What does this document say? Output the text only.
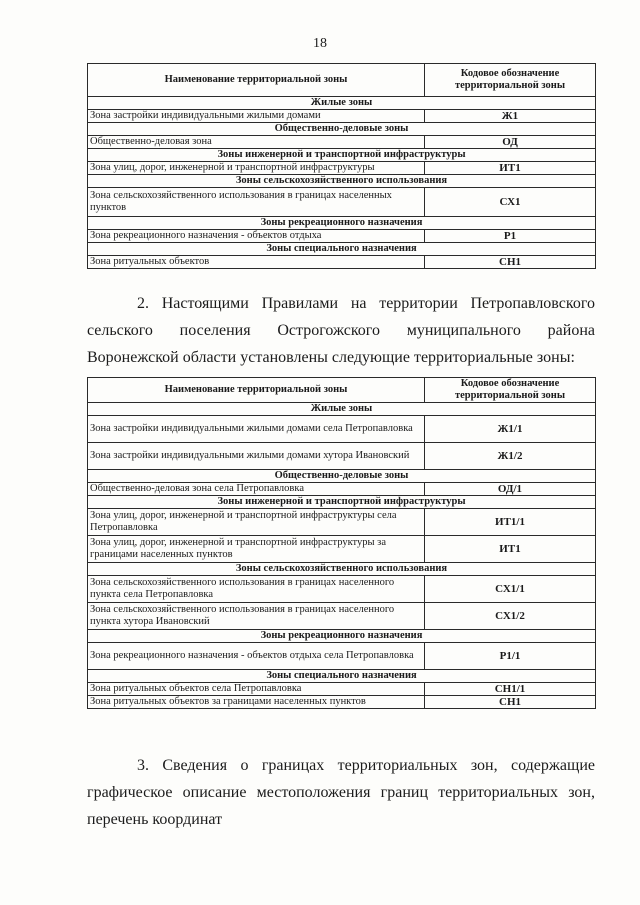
18
Наименование территориальной зоны	Кодовое обозначение территориальной зоны
Жилые зоны	
Зона застройки индивидуальными жилыми домами	Ж1
Общественно-деловые зоны	
Общественно-деловая зона	ОД
Зоны инженерной и транспортной инфраструктуры	
Зона улиц, дорог, инженерной и транспортной инфраструктуры	ИТ1
Зоны сельскохозяйственного использования	
Зона сельскохозяйственного использования в границах населенных пунктов	СХ1
Зоны рекреационного назначения	
Зона рекреационного назначения - объектов отдыха	Р1
Зоны специального назначения	
Зона ритуальных объектов	СН1

2. Настоящими Правилами на территории Петропавловского сельского поселения Острогожского муниципального района Воронежской области установлены следующие территориальные зоны:

Наименование территориальной зоны	Кодовое обозначение территориальной зоны
Жилые зоны	
Зона застройки индивидуальными жилыми домами села Петропавловка	Ж1/1
Зона застройки индивидуальными жилыми домами хутора Ивановский	Ж1/2
Общественно-деловые зоны	
Общественно-деловая зона села Петропавловка	ОД/1
Зоны инженерной и транспортной инфраструктуры	
Зона улиц, дорог, инженерной и транспортной инфраструктуры села Петропавловка	ИТ1/1
Зона улиц, дорог, инженерной и транспортной инфраструктуры за границами населенных пунктов	ИТ1
Зоны сельскохозяйственного использования	
Зона сельскохозяйственного использования в границах населенного пункта села Петропавловка	СХ1/1
Зона сельскохозяйственного использования в границах населенного пункта хутора Ивановский	СХ1/2
Зоны рекреационного назначения	
Зона рекреационного назначения - объектов отдыха села Петропавловка	Р1/1
Зоны специального назначения	
Зона ритуальных объектов села Петропавловка	СН1/1
Зона ритуальных объектов за границами населенных пунктов	СН1

3. Сведения о границах территориальных зон, содержащие графическое описание местоположения границ территориальных зон, перечень координат
